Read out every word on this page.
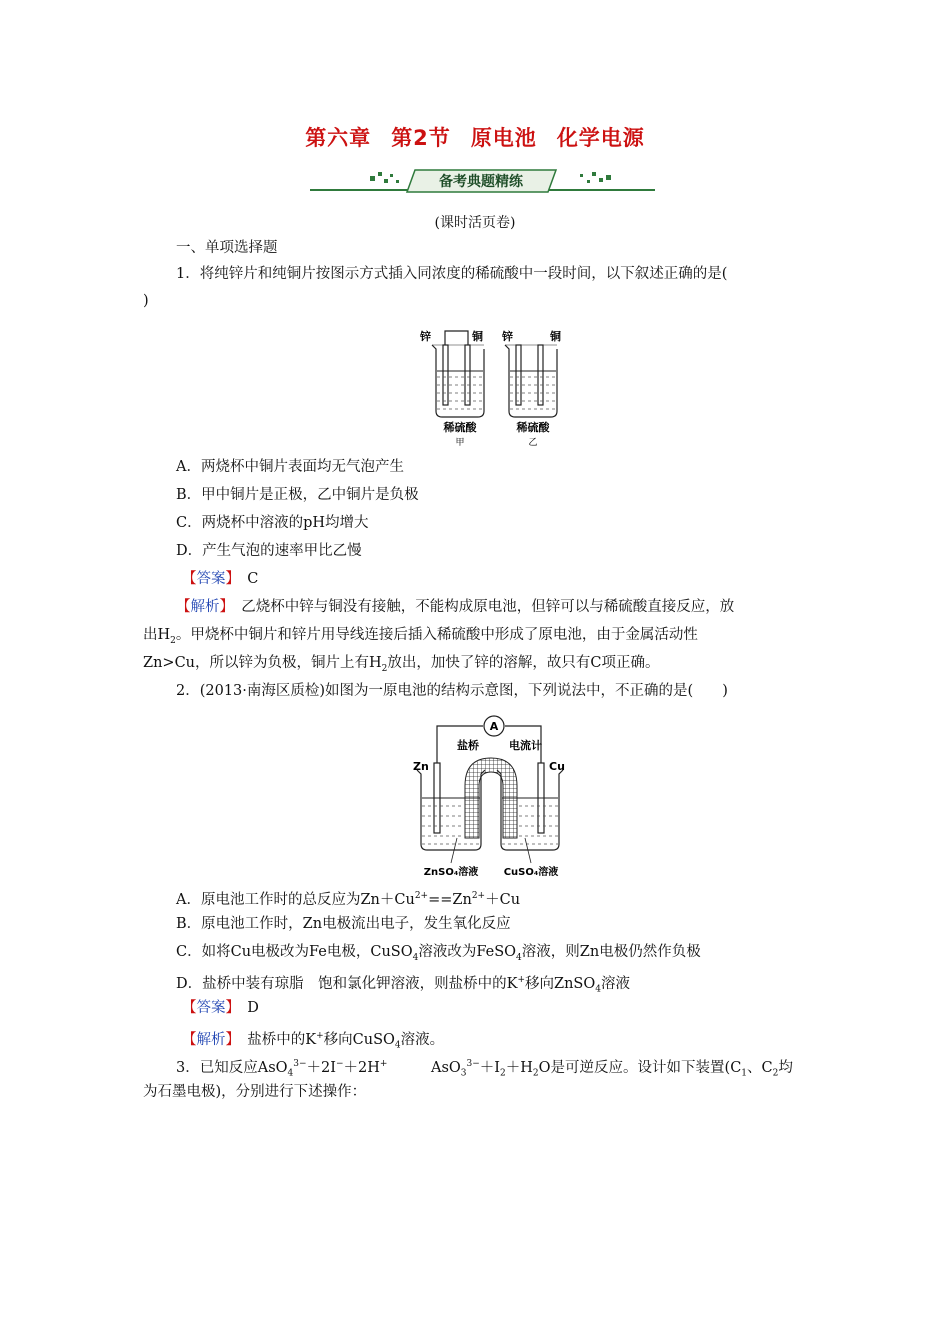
第六章 第2节 原电池 化学电源
备考典题精练
(课时活页卷)
一、单项选择题
1．将纯锌片和纯铜片按图示方式插入同浓度的稀硫酸中一段时间，以下叙述正确的是(
)
锌	铜 锌	铜
稀硫酸	稀硫酸
甲	乙
A．两烧杯中铜片表面均无气泡产生
B．甲中铜片是正极，乙中铜片是负极
C．两烧杯中溶液的pH均增大
D．产生气泡的速率甲比乙慢
【答案】　 C
【解析】　 乙烧杯中锌与铜没有接触，不能构成原电池，但锌可以与稀硫酸直接反应，放
出$H_2$。甲烧杯中铜片和锌片用导线连接后插入稀硫酸中形成了原电池，由于金属活动性
Zn>Cu，所以锌为负极，铜片上有$H_2$放出，加快了锌的溶解，故只有C项正确。
2．(2013·南海区质检)如图为一原电池的结构示意图，下列说法中，不正确的是(　　)
A
盐桥	电流计
Zn	Cu
ZnSO₄溶液	CuSO₄溶液
A．原电池工作时的总反应为$Zn+Cu^{2+}==Zn^{2+}+Cu$
B．原电池工作时，Zn电极流出电子，发生氧化反应
C．如将Cu电极改为Fe电极，CuSO$_4$溶液改为FeSO$_4$溶液，则Zn电极仍然作负极
D．盐桥中装有琼脂　饱和氯化钾溶液，则盐桥中的K+移向ZnSO$_4$溶液
【答案】　 D
【解析】　 盐桥中的K+移向CuSO$_4$溶液。
3．已知反应AsO$_4^{3-}$＋2I−＋2H+　　　	$AsO_3^{3-}+I_2+H_2O$是可逆反应。设计如下装置($C_1$、$C_2$均
为石墨电极)，分别进行下述操作：
